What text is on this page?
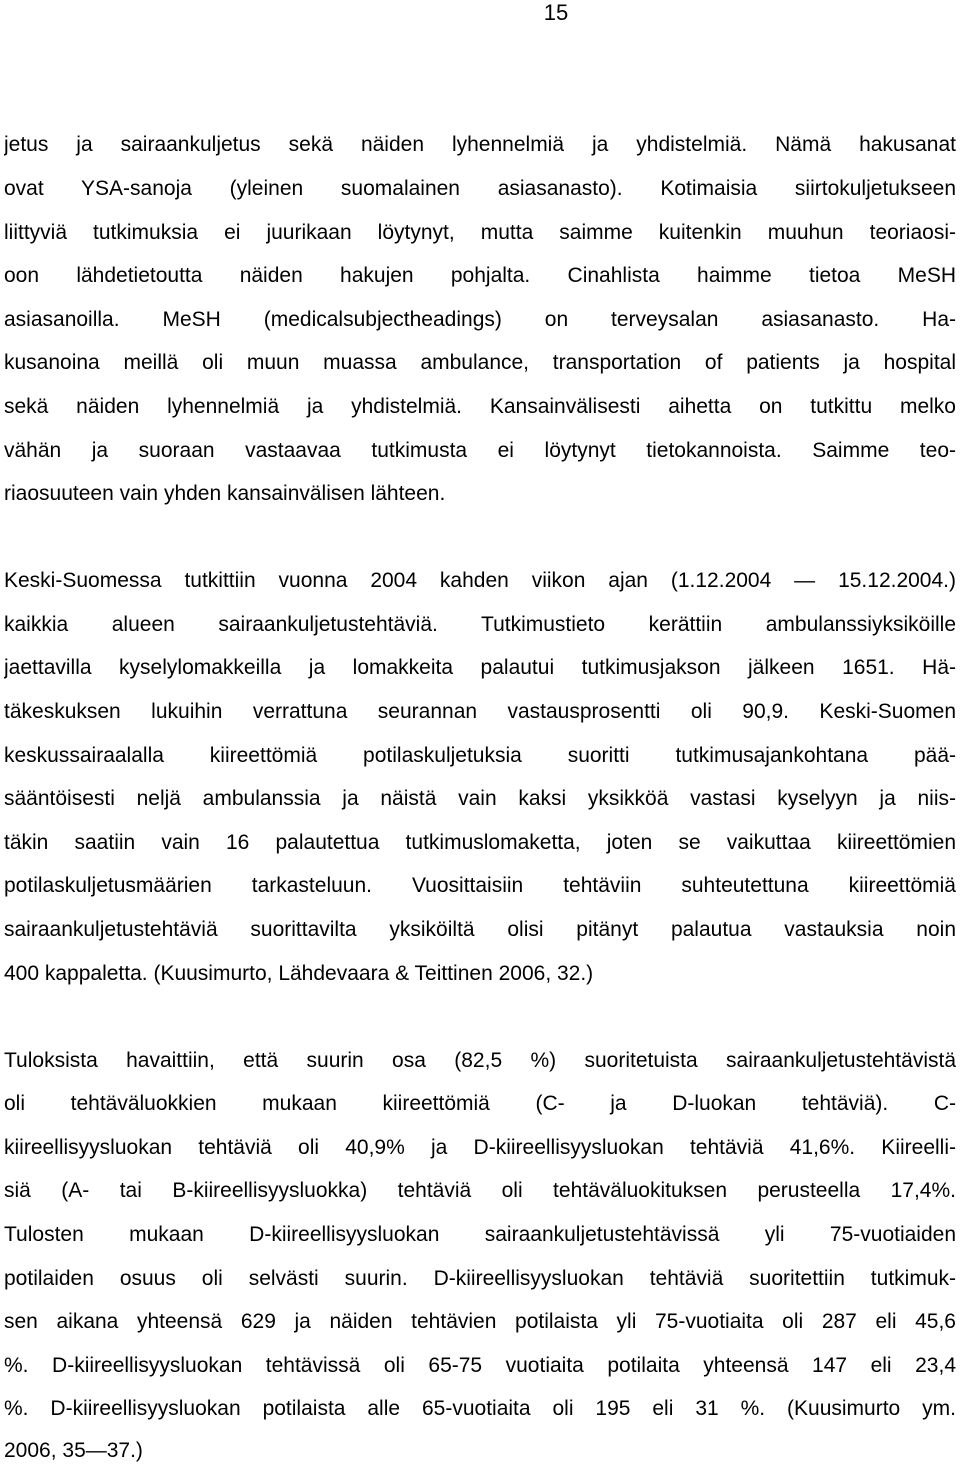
15
jetus ja sairaankuljetus sekä näiden lyhennelmiä ja yhdistelmiä. Nämä hakusanat
ovat YSA-sanoja (yleinen suomalainen asiasanasto). Kotimaisia siirtokuljetukseen
liittyviä tutkimuksia ei juurikaan löytynyt, mutta saimme kuitenkin muuhun teoriaosi-
oon lähdetietoutta näiden hakujen pohjalta. Cinahlista haimme tietoa MeSH
asiasanoilla. MeSH (medicalsubjectheadings) on terveysalan asiasanasto. Ha-
kusanoina meillä oli muun muassa ambulance, transportation of patients ja hospital
sekä näiden lyhennelmiä ja yhdistelmiä. Kansainvälisesti aihetta on tutkittu melko
vähän ja suoraan vastaavaa tutkimusta ei löytynyt tietokannoista. Saimme teo-
riaosuuteen vain yhden kansainvälisen lähteen.
Keski-Suomessa tutkittiin vuonna 2004 kahden viikon ajan (1.12.2004 — 15.12.2004.)
kaikkia alueen sairaankuljetustehtäviä. Tutkimustieto kerättiin ambulanssiyksiköille
jaettavilla kyselylomakkeilla ja lomakkeita palautui tutkimusjakson jälkeen 1651. Hä-
täkeskuksen lukuihin verrattuna seurannan vastausprosentti oli 90,9. Keski-Suomen
keskussairaalalla kiireettömiä potilaskuljetuksia suoritti tutkimusajankohtana pää-
sääntöisesti neljä ambulanssia ja näistä vain kaksi yksikköä vastasi kyselyyn ja niis-
täkin saatiin vain 16 palautettua tutkimuslomaketta, joten se vaikuttaa kiireettömien
potilaskuljetusmäärien tarkasteluun. Vuosittaisiin tehtäviin suhteutettuna kiireettömiä
sairaankuljetustehtäviä suorittavilta yksiköiltä olisi pitänyt palautua vastauksia noin
400 kappaletta. (Kuusimurto, Lähdevaara & Teittinen 2006, 32.)
Tuloksista havaittiin, että suurin osa (82,5 %) suoritetuista sairaankuljetustehtävistä
oli tehtäväluokkien mukaan kiireettömiä (C- ja D-luokan tehtäviä). C-
kiireellisyysluokan tehtäviä oli 40,9% ja D-kiireellisyysluokan tehtäviä 41,6%. Kiireelli-
siä (A- tai B-kiireellisyysluokka) tehtäviä oli tehtäväluokituksen perusteella 17,4%.
Tulosten mukaan D-kiireellisyysluokan sairaankuljetustehtävissä yli 75-vuotiaiden
potilaiden osuus oli selvästi suurin. D-kiireellisyysluokan tehtäviä suoritettiin tutkimuk-
sen aikana yhteensä 629 ja näiden tehtävien potilaista yli 75-vuotiaita oli 287 eli 45,6
%. D-kiireellisyysluokan tehtävissä oli 65-75 vuotiaita potilaita yhteensä 147 eli 23,4
%. D-kiireellisyysluokan potilaista alle 65-vuotiaita oli 195 eli 31 %. (Kuusimurto ym.
2006, 35—37.)
